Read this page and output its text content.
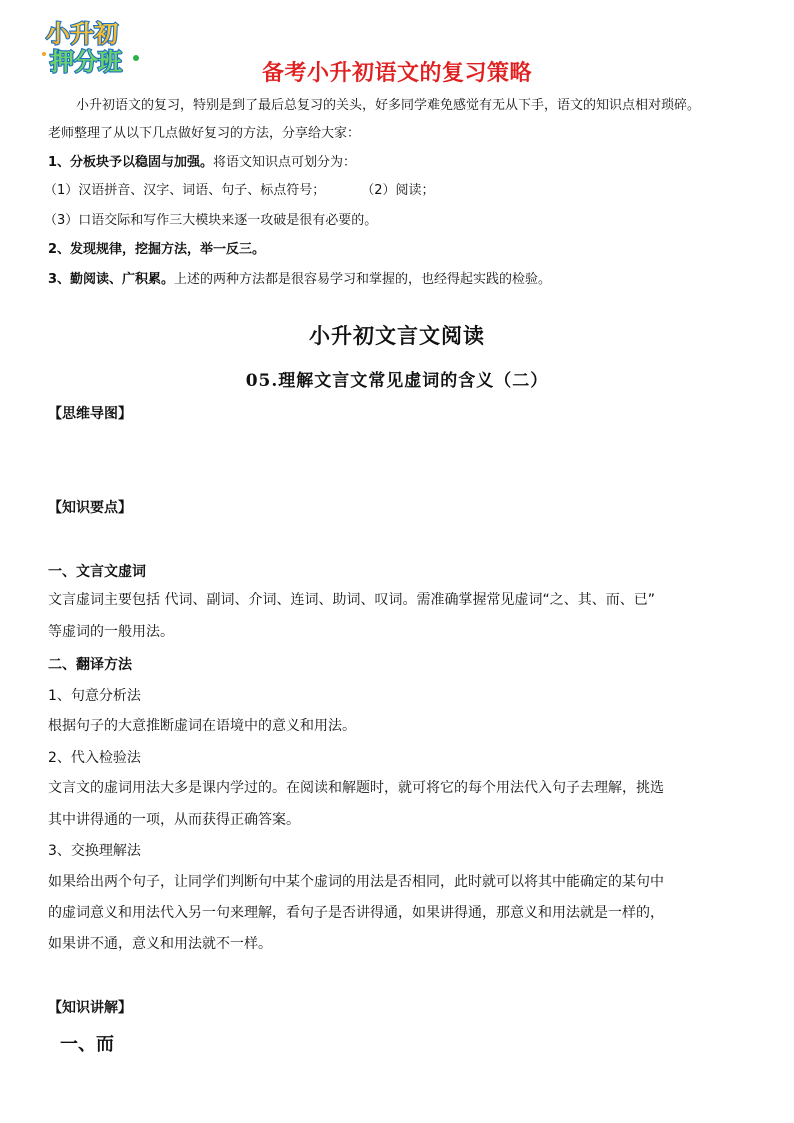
小升初
押分班	备考小升初语文的复习策略
小升初语文的复习，特别是到了最后总复习的关头，好多同学难免感觉有无从下手，语文的知识点相对琐碎。
老师整理了从以下几点做好复习的方法，分享给大家：
1、分板块予以稳固与加强。将语文知识点可划分为：
（1）汉语拼音、汉字、词语、句子、标点符号；	（2）阅读；
（3）口语交际和写作三大模块来逐一攻破是很有必要的。
2、发现规律，挖掘方法，举一反三。
3、勤阅读、广积累。上述的两种方法都是很容易学习和掌握的，也经得起实践的检验。
小升初文言文阅读
05.理解文言文常见虚词的含义（二）
【思维导图】
【知识要点】
一、文言文虚词
文言虚词主要包括 代词、副词、介词、连词、助词、叹词。需准确掌握常见虚词“之、其、而、已”
等虚词的一般用法。
二、翻译方法
1、句意分析法
根据句子的大意推断虚词在语境中的意义和用法。
2、代入检验法
文言文的虚词用法大多是课内学过的。在阅读和解题时，就可将它的每个用法代入句子去理解，挑选
其中讲得通的一项，从而获得正确答案。
3、交换理解法
如果给出两个句子，让同学们判断句中某个虚词的用法是否相同，此时就可以将其中能确定的某句中
的虚词意义和用法代入另一句来理解，看句子是否讲得通，如果讲得通，那意义和用法就是一样的，
如果讲不通，意义和用法就不一样。
【知识讲解】
一、而
